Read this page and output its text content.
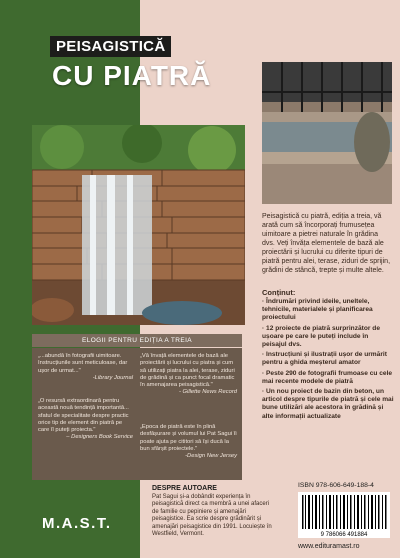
PEISAGISTICĂ
CU PIATRĂ
Peisagistică cu piatră, ediția a treia, vă arată cum să încorporați frumusețea uimitoare a pietrei naturale în grădina dvs. Veți învăța elementele de bază ale proiectării și lucrului cu diferite tipuri de piatră pentru alei, terase, ziduri de sprijin, grădini de stâncă, trepte și multe altele.
Conținut:
· Îndrumări privind ideile, uneltele, tehnicile, materialele și planificarea proiectului
· 12 proiecte de piatră surprinzător de ușoare pe care le puteți include în peisajul dvs.
· Instrucțiuni și ilustrații ușor de urmărit pentru a ghida meșterul amator
· Peste 290 de fotografii frumoase cu cele mai recente modele de piatră
· Un nou proiect de bazin din beton, un articol despre tipurile de piatră și cele mai bune utilizări ale acestora în grădină și alte informații actualizate
ELOGII PENTRU EDIȚIA A TREIA
„...abundă în fotografii uimitoare. Instrucțiunile sunt meticuloase, dar ușor de urmat..."
-Library Journal
„Vă învață elementele de bază ale proiectării și lucrului cu piatra și cum să utilizați piatra la alei, terase, ziduri de grădină și ca punct focal dramatic în amenajarea peisagistică."
- Gillette News Record
„O resursă extraordinară pentru această nouă tendință importantă... sfatul de specialitate despre practic orice tip de element din piatră pe care îl puteți proiecta."
– Designers Book Service
„Epoca de piatră este în plină desfășurare și volumul lui Pat Sagui îi poate ajuta pe cititori să își ducă la bun sfârșit proiectele."
-Design New Jersey
DESPRE AUTOARE
Pat Sagui și-a dobândit experiența în peisagistică direct ca membră a unei afaceri de familie cu pepiniere și amenajări peisagistice. Ea scrie despre grădinărit și amenajări peisagistice din 1991. Locuiește în Westfield, Vermont.
M.A.S.T.
ISBN 978-606-649-188-4
9 786066 491884
www.edituramast.ro
